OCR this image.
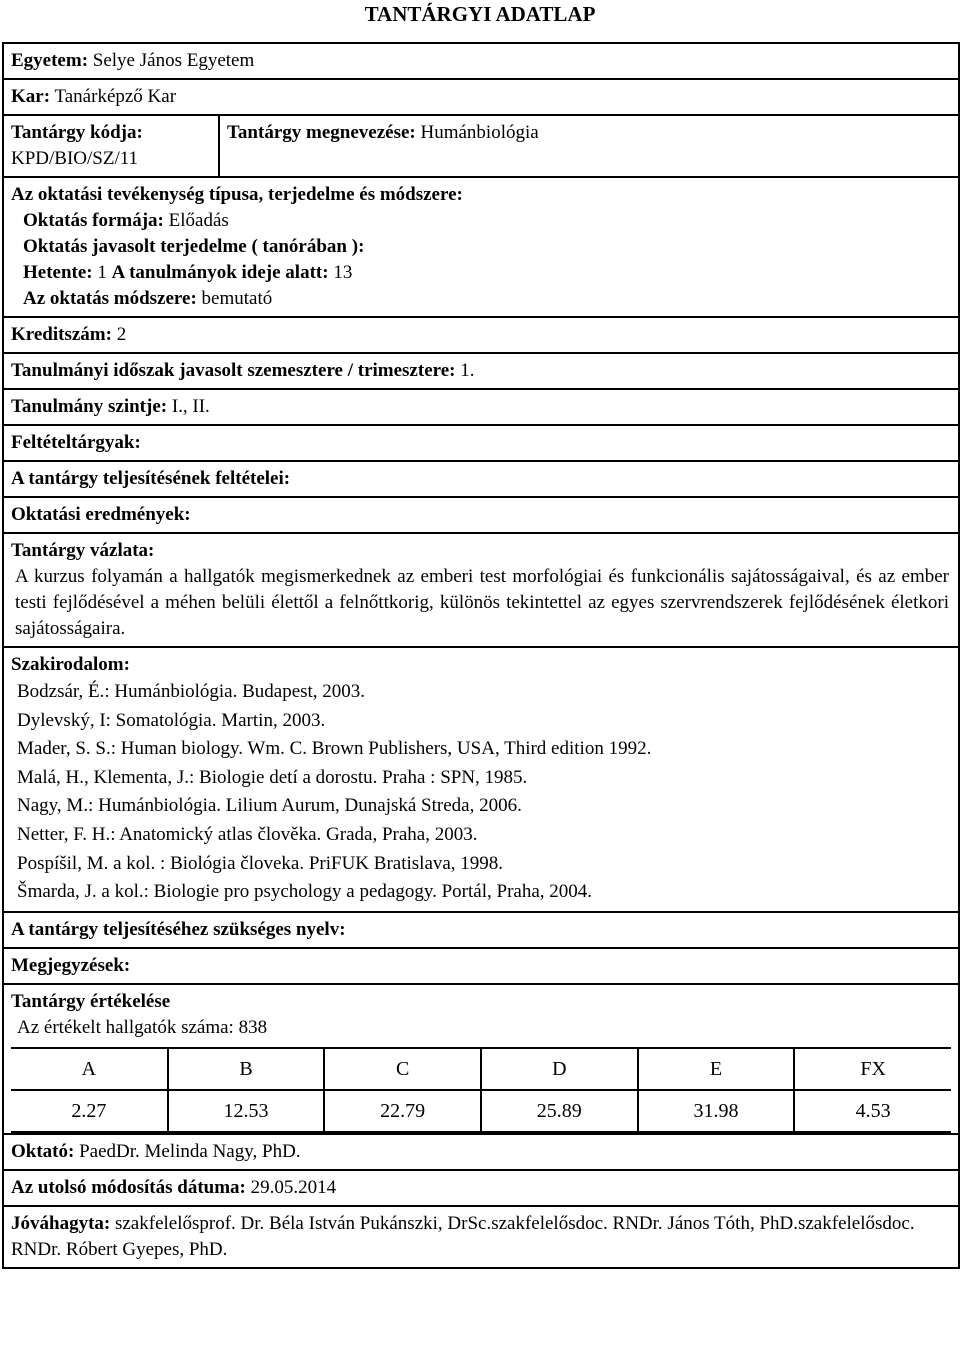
TANTÁRGYI ADATLAP
Egyetem: Selye János Egyetem
Kar: Tanárképző Kar
Tantárgy kódja:
KPD/BIO/SZ/11
Tantárgy megnevezése: Humánbiológia
Az oktatási tevékenység típusa, terjedelme és módszere:
Oktatás formája: Előadás
Oktatás javasolt terjedelme ( tanórában ):
Hetente: 1 A tanulmányok ideje alatt: 13
Az oktatás módszere: bemutató
Kreditszám: 2
Tanulmányi időszak javasolt szemesztere / trimesztere: 1.
Tanulmány szintje: I., II.
Feltételtárgyak:
A tantárgy teljesítésének feltételei:
Oktatási eredmények:
Tantárgy vázlata:
A kurzus folyamán a hallgatók megismerkednek az emberi test morfológiai és funkcionális sajátosságaival, és az ember testi fejlődésével a méhen belüli élettől a felnőttkorig, különös tekintettel az egyes szervrendszerek fejlődésének életkori sajátosságaira.
Szakirodalom:
Bodzsár, É.: Humánbiológia. Budapest, 2003.
Dylevský, I: Somatológia. Martin, 2003.
Mader, S. S.: Human biology. Wm. C. Brown Publishers, USA, Third edition 1992.
Malá, H., Klementa, J.: Biologie detí a dorostu. Praha : SPN, 1985.
Nagy, M.: Humánbiológia. Lilium Aurum, Dunajská Streda, 2006.
Netter, F. H.: Anatomický atlas člověka. Grada, Praha, 2003.
Pospíšil, M. a kol. : Biológia človeka. PriFUK Bratislava, 1998.
Šmarda, J. a kol.: Biologie pro psychology a pedagogy. Portál, Praha, 2004.
A tantárgy teljesítéséhez szükséges nyelv:
Megjegyzések:
Tantárgy értékelése
Az értékelt hallgatók száma: 838
A	B	C	D	E	FX
2.27	12.53	22.79	25.89	31.98	4.53
Oktató: PaedDr. Melinda Nagy, PhD.
Az utolsó módosítás dátuma: 29.05.2014
Jóváhagyta: szakfelelősprof. Dr. Béla István Pukánszki, DrSc.szakfelelősdoc. RNDr. János Tóth, PhD.szakfelelősdoc. RNDr. Róbert Gyepes, PhD.
